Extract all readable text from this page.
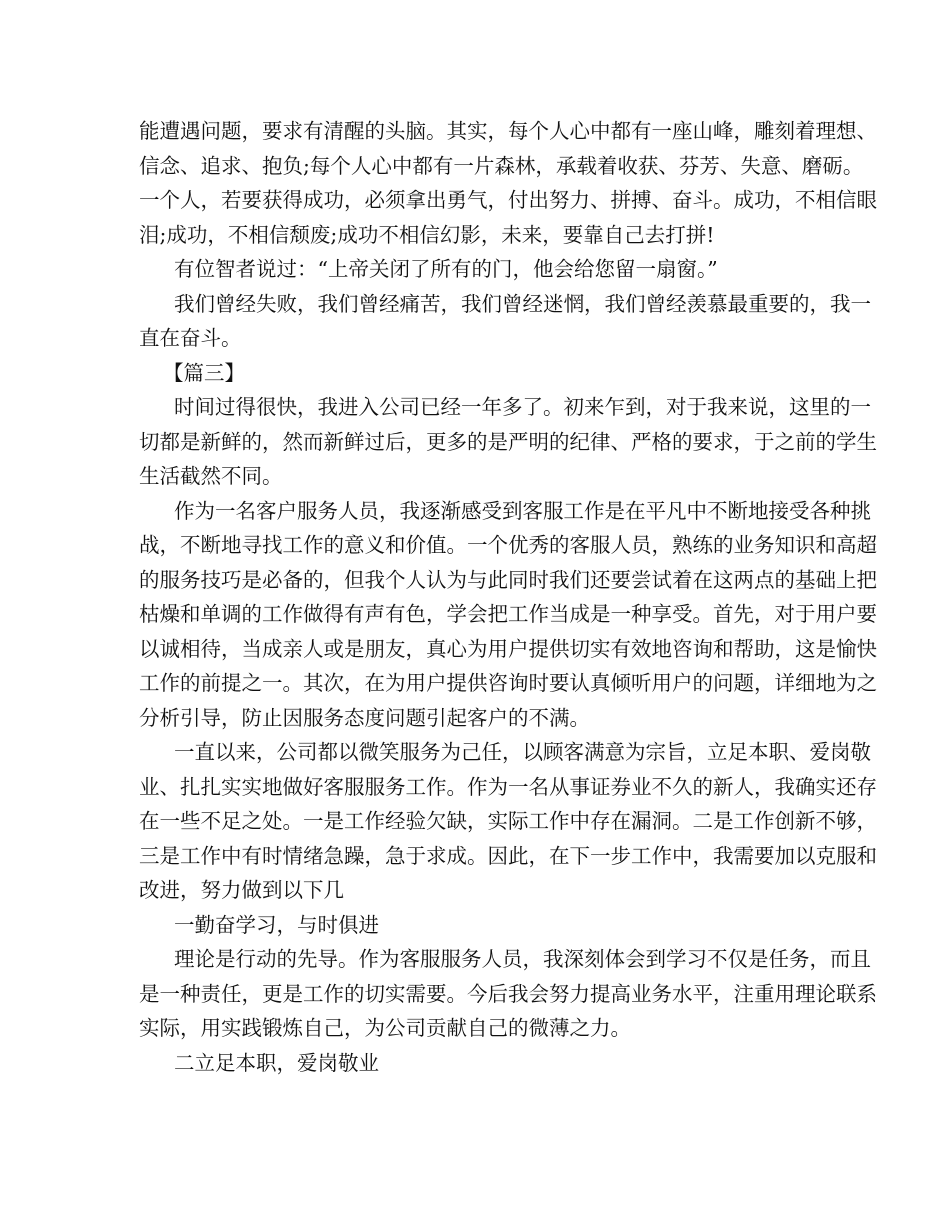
能遭遇问题，要求有清醒的头脑。其实，每个人心中都有一座山峰，雕刻着理想、
信念、追求、抱负;每个人心中都有一片森林，承载着收获、芬芳、失意、磨砺。
一个人，若要获得成功，必须拿出勇气，付出努力、拼搏、奋斗。成功，不相信眼
泪;成功，不相信颓废;成功不相信幻影，未来，要靠自己去打拼!
有位智者说过：“上帝关闭了所有的门，他会给您留一扇窗。”
我们曾经失败，我们曾经痛苦，我们曾经迷惘，我们曾经羡慕最重要的，我一
直在奋斗。
【篇三】
时间过得很快，我进入公司已经一年多了。初来乍到，对于我来说，这里的一
切都是新鲜的，然而新鲜过后，更多的是严明的纪律、严格的要求，于之前的学生
生活截然不同。
作为一名客户服务人员，我逐渐感受到客服工作是在平凡中不断地接受各种挑
战，不断地寻找工作的意义和价值。一个优秀的客服人员，熟练的业务知识和高超
的服务技巧是必备的，但我个人认为与此同时我们还要尝试着在这两点的基础上把
枯燥和单调的工作做得有声有色，学会把工作当成是一种享受。首先，对于用户要
以诚相待，当成亲人或是朋友，真心为用户提供切实有效地咨询和帮助，这是愉快
工作的前提之一。其次，在为用户提供咨询时要认真倾听用户的问题，详细地为之
分析引导，防止因服务态度问题引起客户的不满。
一直以来，公司都以微笑服务为己任，以顾客满意为宗旨，立足本职、爱岗敬
业、扎扎实实地做好客服服务工作。作为一名从事证券业不久的新人，我确实还存
在一些不足之处。一是工作经验欠缺，实际工作中存在漏洞。二是工作创新不够，
三是工作中有时情绪急躁，急于求成。因此，在下一步工作中，我需要加以克服和
改进，努力做到以下几
一勤奋学习，与时俱进
理论是行动的先导。作为客服服务人员，我深刻体会到学习不仅是任务，而且
是一种责任，更是工作的切实需要。今后我会努力提高业务水平，注重用理论联系
实际，用实践锻炼自己，为公司贡献自己的微薄之力。
二立足本职，爱岗敬业
